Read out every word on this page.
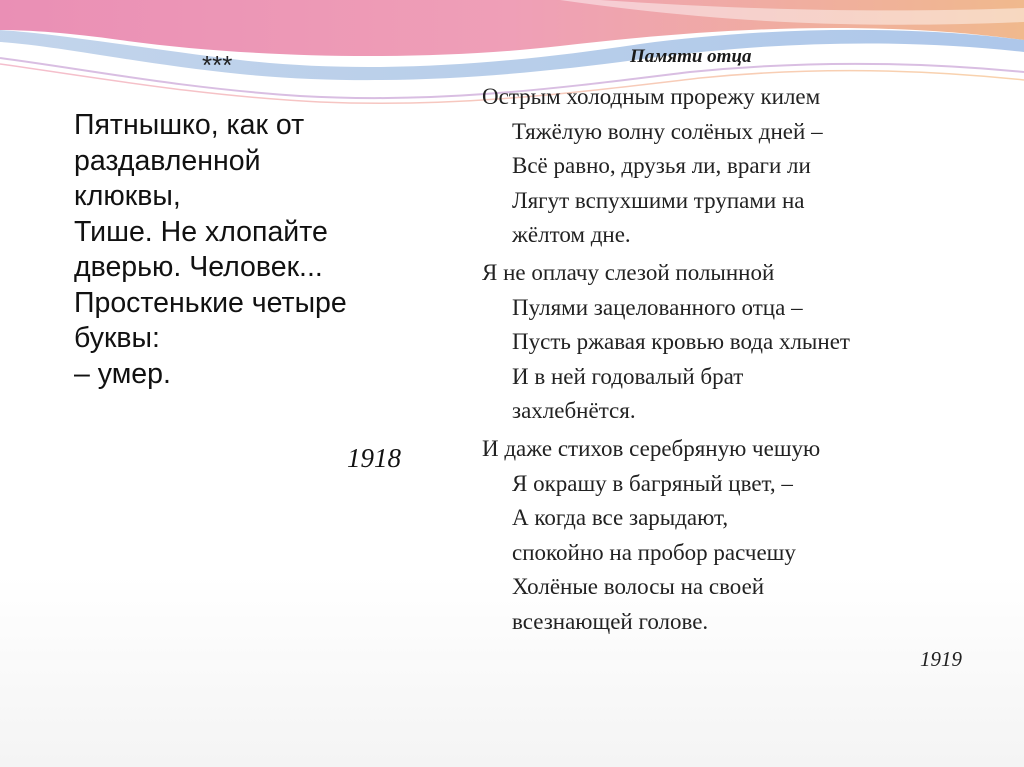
***
Пятнышко, как от
раздавленной
клюквы,
Тише. Не хлопайте
дверью. Человек...
Простенькие четыре
буквы:
– умер.
1918
Памяти отца
Острым холодным прорежу килем
Тяжёлую волну солёных дней –
Всё равно, друзья ли, враги ли
Лягут вспухшими трупами на
жёлтом дне.
Я не оплачу слезой полынной
Пулями зацелованного отца –
Пусть ржавая кровью вода хлынет
И в ней годовалый брат
захлебнётся.
И даже стихов серебряную чешую
Я окрашу в багряный цвет, –
А когда все зарыдают,
спокойно на пробор расчешу
Холёные волосы на своей
всезнающей голове.
1919
